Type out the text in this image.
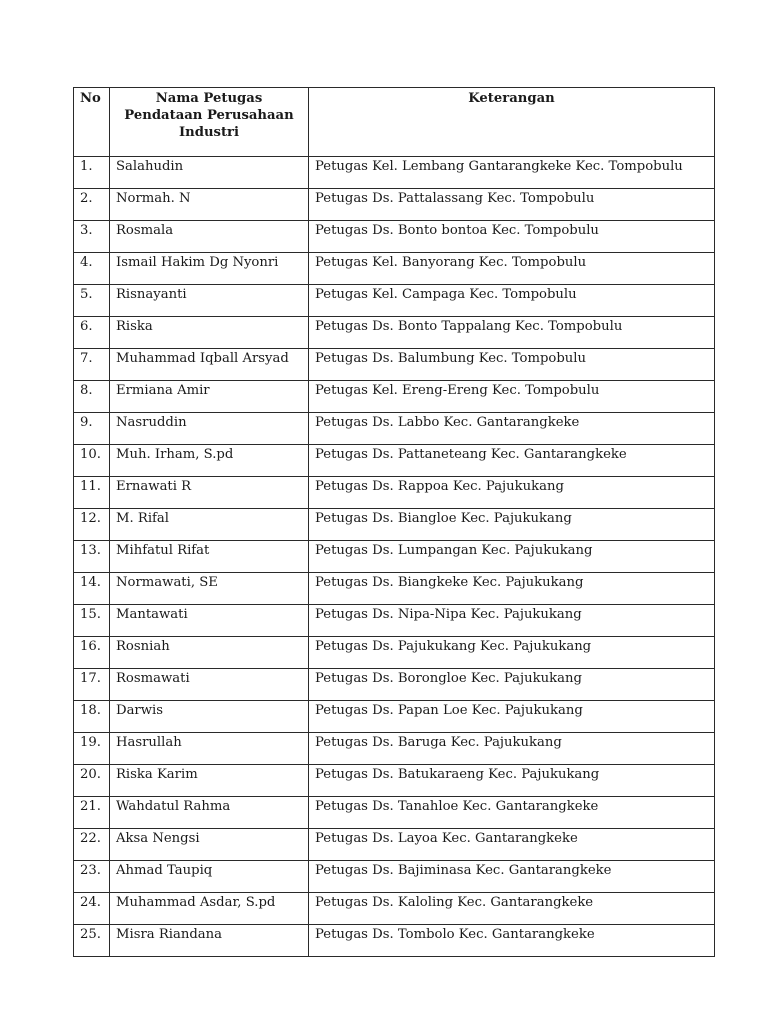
No	Nama Petugas
Pendataan Perusahaan
Industri	Keterangan
1.	Salahudin	Petugas Kel. Lembang Gantarangkeke Kec. Tompobulu
2.	Normah. N	Petugas Ds. Pattalassang Kec. Tompobulu
3.	Rosmala	Petugas Ds. Bonto bontoa Kec. Tompobulu
4.	Ismail Hakim Dg Nyonri	Petugas Kel. Banyorang Kec. Tompobulu
5.	Risnayanti	Petugas Kel. Campaga Kec. Tompobulu
6.	Riska	Petugas Ds. Bonto Tappalang Kec. Tompobulu
7.	Muhammad Iqball Arsyad	Petugas Ds. Balumbung Kec. Tompobulu
8.	Ermiana Amir	Petugas Kel. Ereng-Ereng Kec. Tompobulu
9.	Nasruddin	Petugas Ds. Labbo Kec. Gantarangkeke
10.	Muh. Irham, S.pd	Petugas Ds. Pattaneteang Kec. Gantarangkeke
11.	Ernawati R	Petugas Ds. Rappoa Kec. Pajukukang
12.	M. Rifal	Petugas Ds. Biangloe Kec. Pajukukang
13.	Mihfatul Rifat	Petugas Ds. Lumpangan Kec. Pajukukang
14.	Normawati, SE	Petugas Ds. Biangkeke Kec. Pajukukang
15.	Mantawati	Petugas Ds. Nipa-Nipa Kec. Pajukukang
16.	Rosniah	Petugas Ds. Pajukukang Kec. Pajukukang
17.	Rosmawati	Petugas Ds. Borongloe Kec. Pajukukang
18.	Darwis	Petugas Ds. Papan Loe Kec. Pajukukang
19.	Hasrullah	Petugas Ds. Baruga Kec. Pajukukang
20.	Riska Karim	Petugas Ds. Batukaraeng Kec. Pajukukang
21.	Wahdatul Rahma	Petugas Ds. Tanahloe Kec. Gantarangkeke
22.	Aksa Nengsi	Petugas Ds. Layoa Kec. Gantarangkeke
23.	Ahmad Taupiq	Petugas Ds. Bajiminasa Kec. Gantarangkeke
24.	Muhammad Asdar, S.pd	Petugas Ds. Kaloling Kec. Gantarangkeke
25.	Misra Riandana	Petugas Ds. Tombolo Kec. Gantarangkeke
